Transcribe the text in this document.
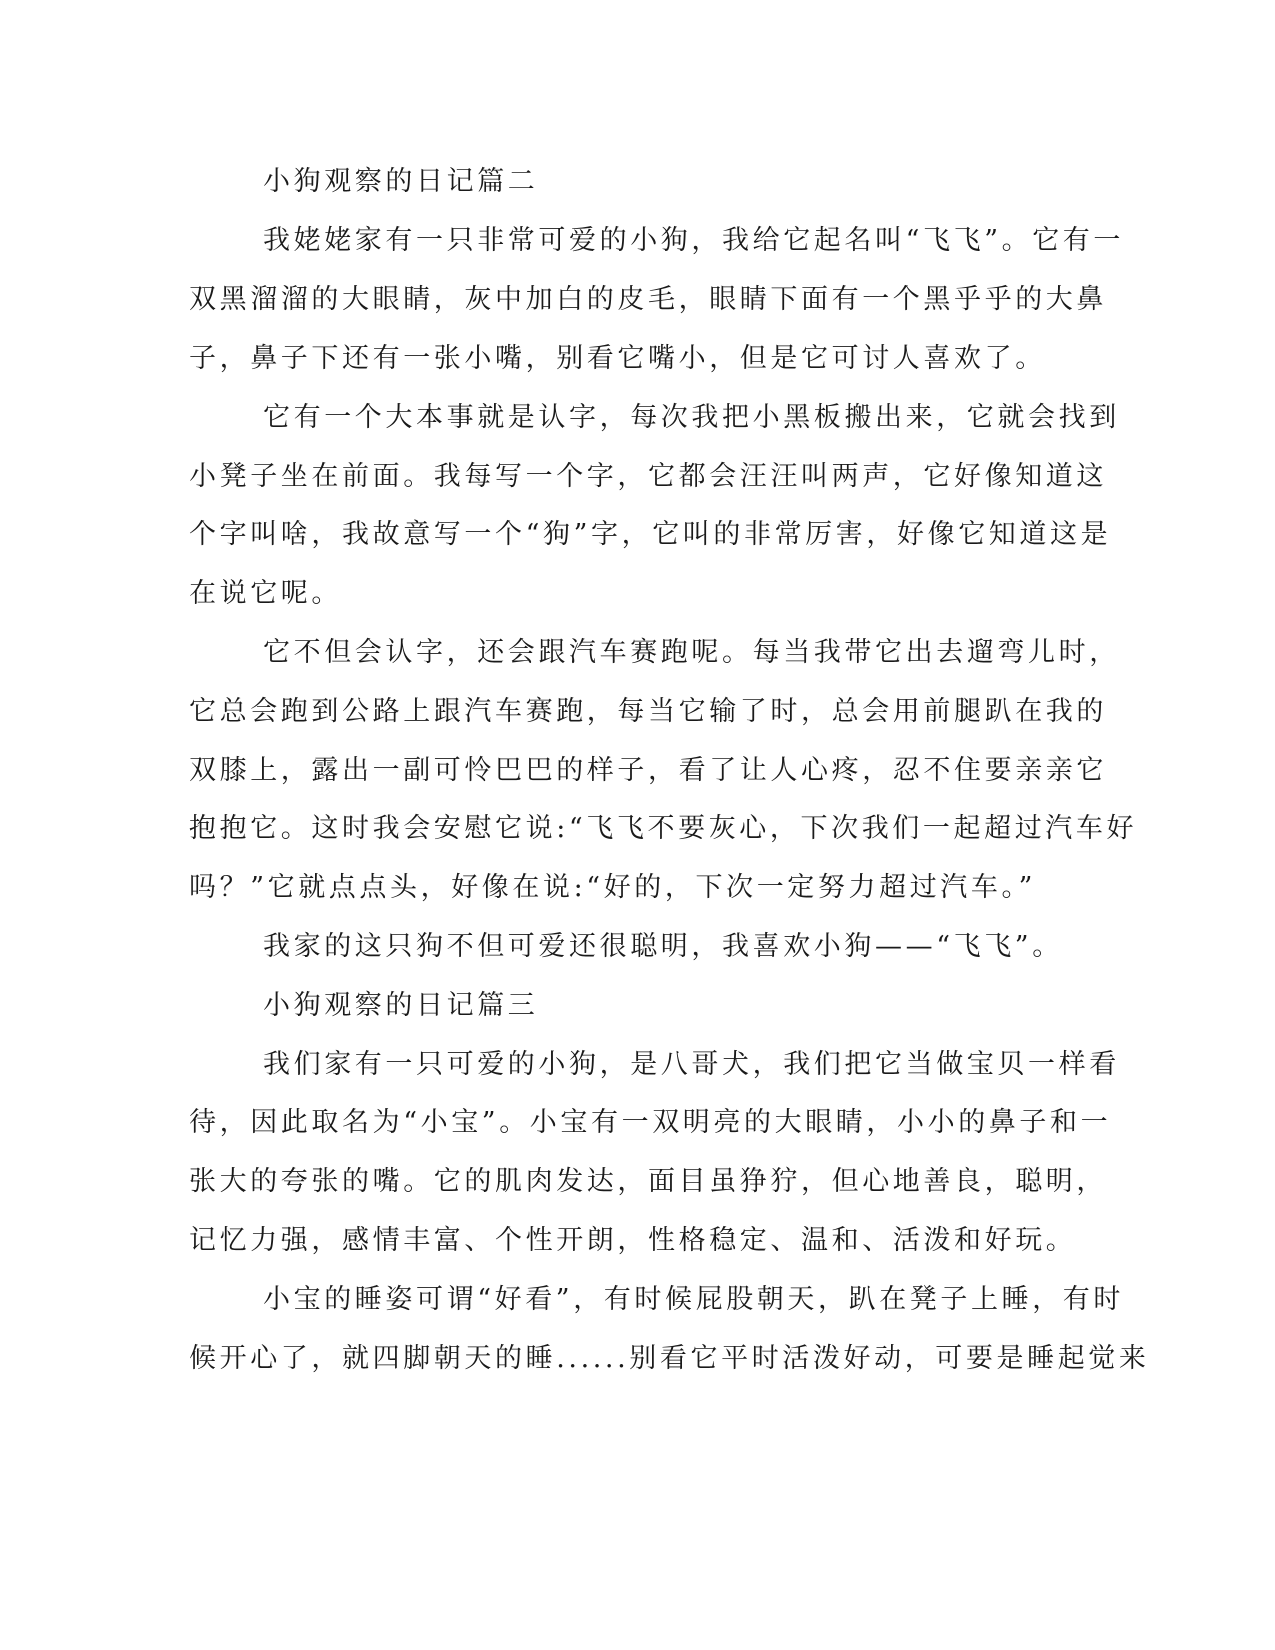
小狗观察的日记篇二
我姥姥家有一只非常可爱的小狗，我给它起名叫“飞飞”。它有一
双黑溜溜的大眼睛，灰中加白的皮毛，眼睛下面有一个黑乎乎的大鼻
子，鼻子下还有一张小嘴，别看它嘴小，但是它可讨人喜欢了。
它有一个大本事就是认字，每次我把小黑板搬出来，它就会找到
小凳子坐在前面。我每写一个字，它都会汪汪叫两声，它好像知道这
个字叫啥，我故意写一个“狗”字，它叫的非常厉害，好像它知道这是
在说它呢。
它不但会认字，还会跟汽车赛跑呢。每当我带它出去遛弯儿时，
它总会跑到公路上跟汽车赛跑，每当它输了时，总会用前腿趴在我的
双膝上，露出一副可怜巴巴的样子，看了让人心疼，忍不住要亲亲它
抱抱它。这时我会安慰它说:“飞飞不要灰心，下次我们一起超过汽车好
吗？”它就点点头，好像在说:“好的，下次一定努力超过汽车。”
我家的这只狗不但可爱还很聪明，我喜欢小狗——“飞飞”。
小狗观察的日记篇三
我们家有一只可爱的小狗，是八哥犬，我们把它当做宝贝一样看
待，因此取名为“小宝”。小宝有一双明亮的大眼睛，小小的鼻子和一
张大的夸张的嘴。它的肌肉发达，面目虽狰狞，但心地善良，聪明，
记忆力强，感情丰富、个性开朗，性格稳定、温和、活泼和好玩。
小宝的睡姿可谓“好看”，有时候屁股朝天，趴在凳子上睡，有时
候开心了，就四脚朝天的睡......别看它平时活泼好动，可要是睡起觉来
